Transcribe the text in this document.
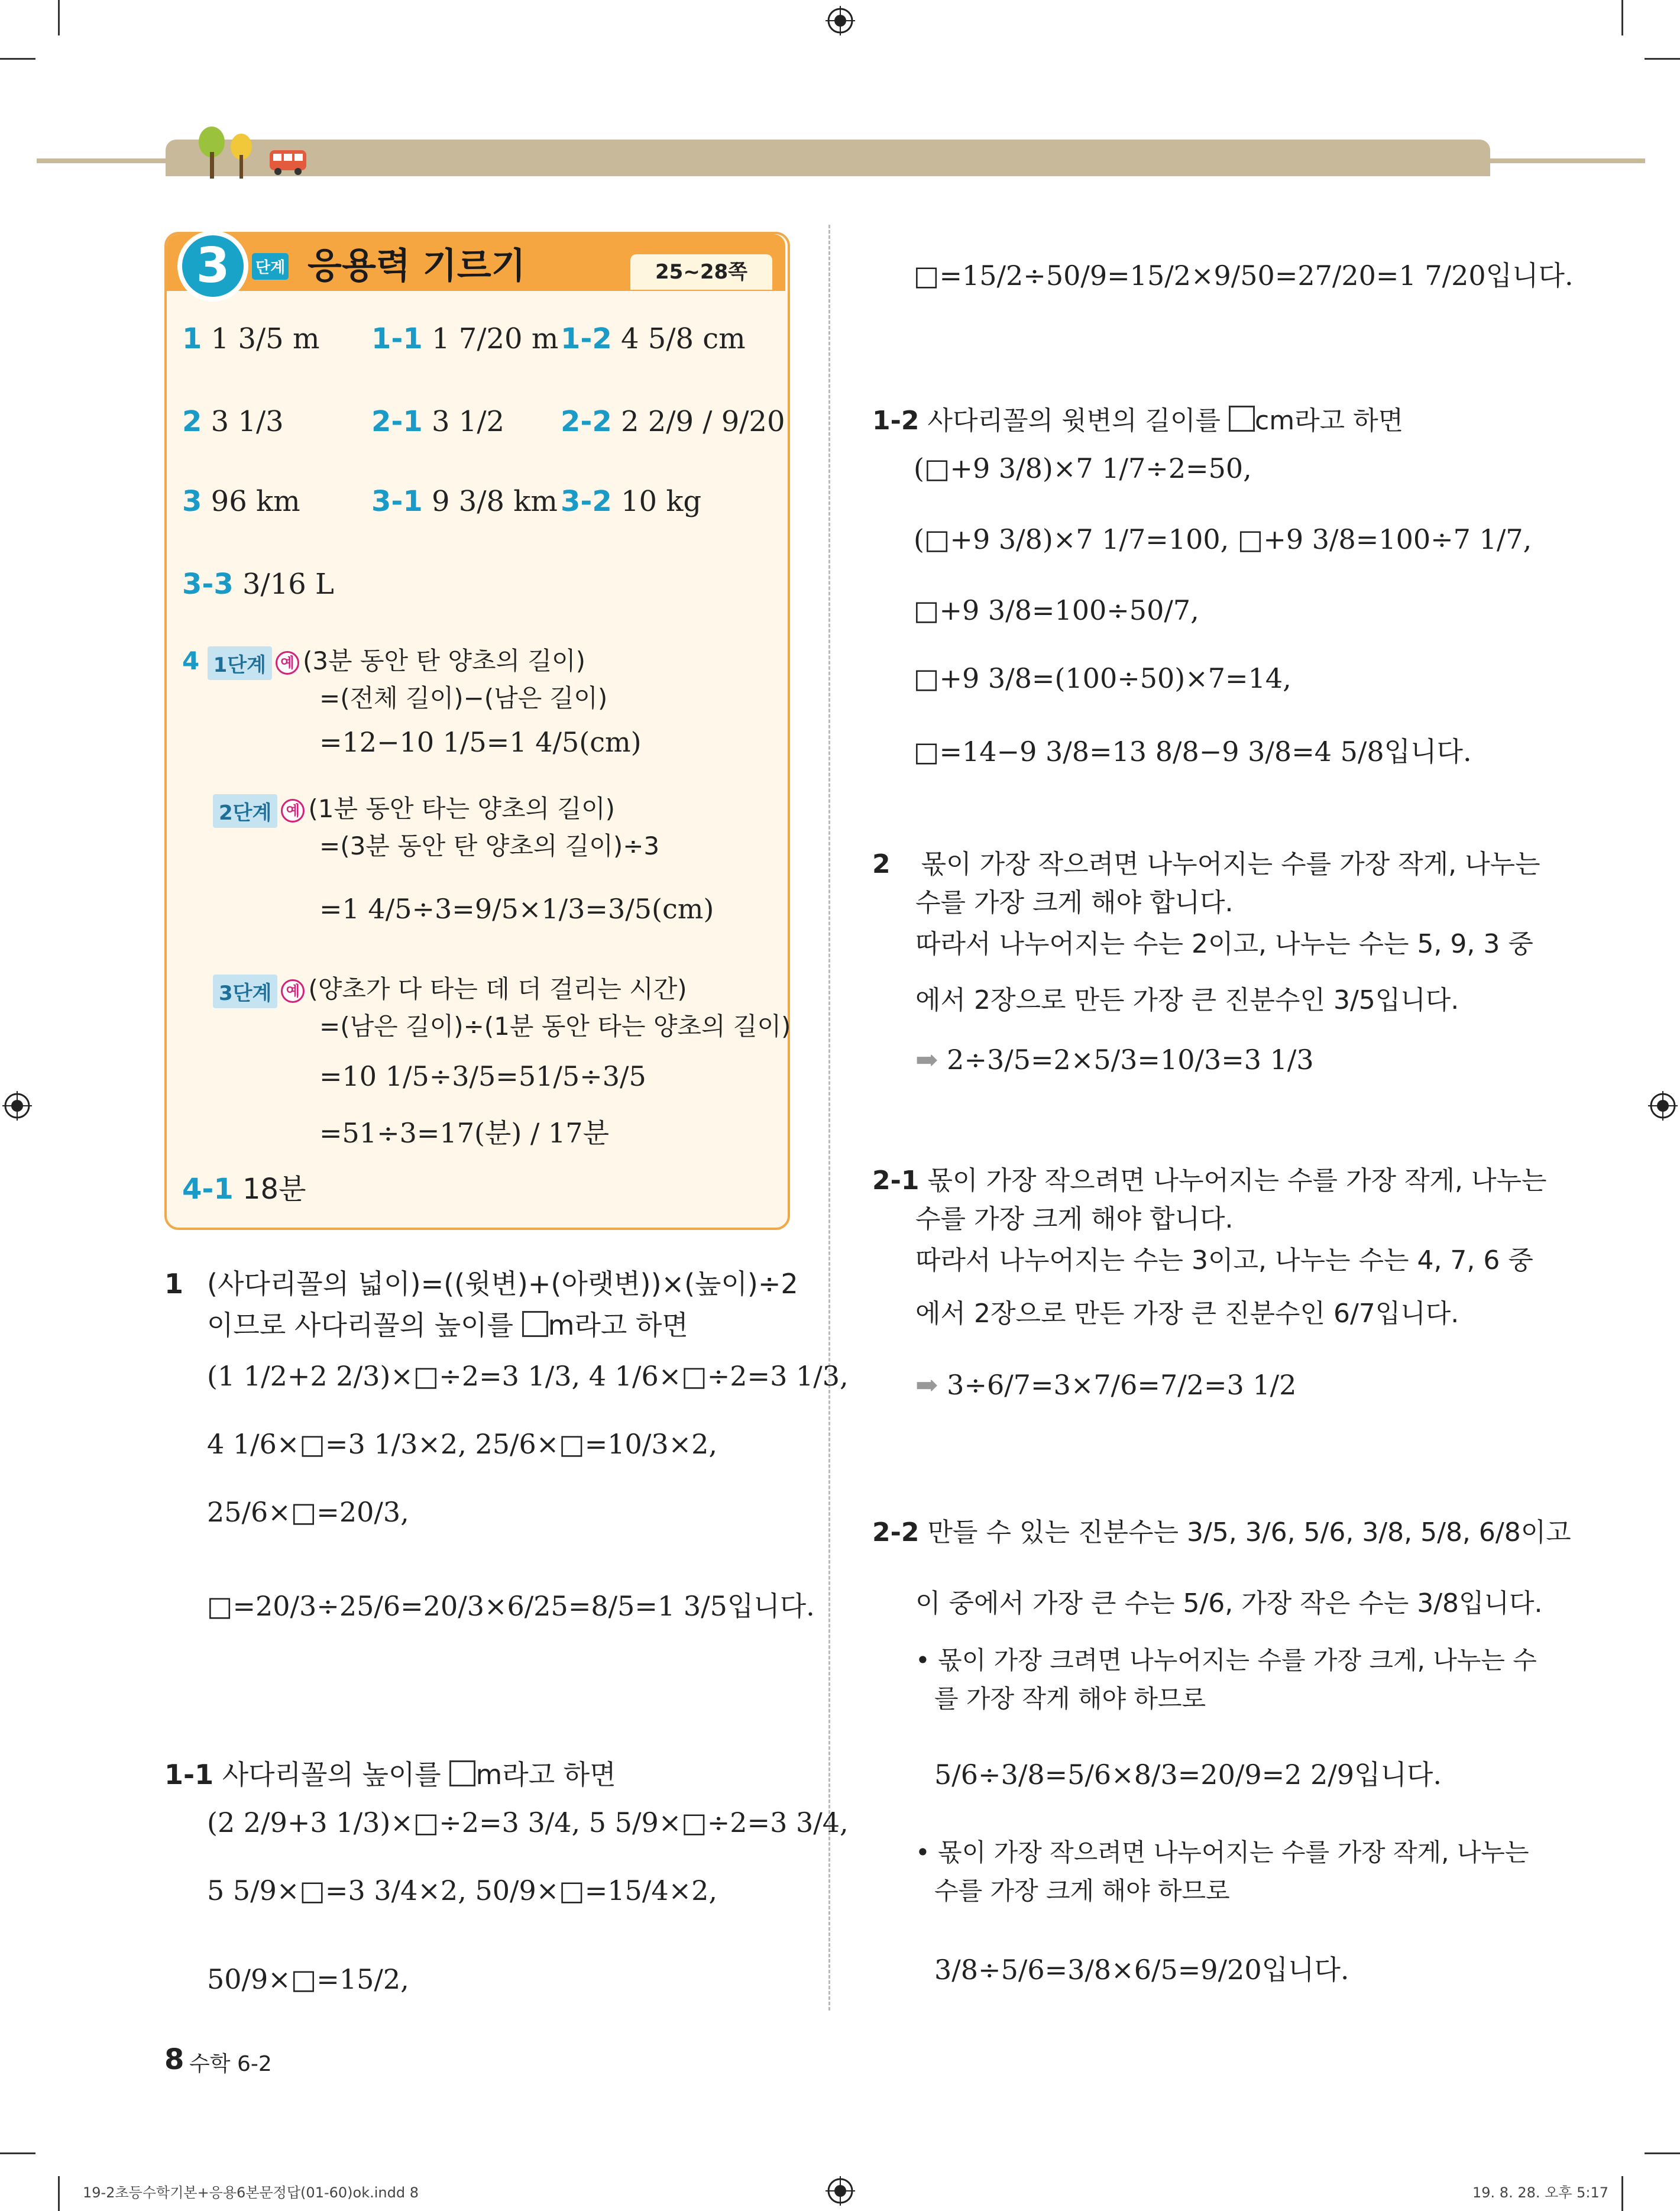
3	단계 응용력 기르기	25~28쪽
1 1 3/5 m 1-1 1 7/20 m 1-2 4 5/8 cm
2 3 1/3	2-1 3 1/2 2-2 2 2/9 / 9/20
3 96 km	3-1 9 3/8 km 3-2 10 kg
3-3 3/16 L
4 1단계 예 (3분 동안 탄 양초의 길이)
=(전체 길이)−(남은 길이)
=12−10 1/5=1 4/5(cm)
2단계 예 (1분 동안 타는 양초의 길이)
=(3분 동안 탄 양초의 길이)÷3
=1 4/5÷3=9/5×1/3=3/5(cm)
3단계 예 (양초가 다 타는 데 더 걸리는 시간)
=(남은 길이)÷(1분 동안 타는 양초의 길이)
=10 1/5÷3/5=51/5÷3/5
=51÷3=17(분) / 17분
4-1 18분
1 (사다리꼴의 넓이)=((윗변)+(아랫변))×(높이)÷2
이므로 사다리꼴의 높이를 m라고 하면
(1 1/2+2 2/3)×□÷2=3 1/3, 4 1/6×□÷2=3 1/3,
4 1/6×□=3 1/3×2, 25/6×□=10/3×2,
25/6×□=20/3,
□=20/3÷25/6=20/3×6/25=8/5=1 3/5입니다.
1-1 사다리꼴의 높이를 m라고 하면
(2 2/9+3 1/3)×□÷2=3 3/4, 5 5/9×□÷2=3 3/4,
5 5/9×□=3 3/4×2, 50/9×□=15/4×2,
50/9×□=15/2,
□=15/2÷50/9=15/2×9/50=27/20=1 7/20입니다.
1-2 사다리꼴의 윗변의 길이를 cm라고 하면
(□+9 3/8)×7 1/7÷2=50,
(□+9 3/8)×7 1/7=100, □+9 3/8=100÷7 1/7,
□+9 3/8=100÷50/7,
□+9 3/8=(100÷50)×7=14,
□=14−9 3/8=13 8/8−9 3/8=4 5/8입니다.
2 몫이 가장 작으려면 나누어지는 수를 가장 작게, 나누는
수를 가장 크게 해야 합니다.
따라서 나누어지는 수는 2이고, 나누는 수는 5, 9, 3 중
에서 2장으로 만든 가장 큰 진분수인 3/5입니다.
➡ 2÷3/5=2×5/3=10/3=3 1/3
2-1 몫이 가장 작으려면 나누어지는 수를 가장 작게, 나누는
수를 가장 크게 해야 합니다.
따라서 나누어지는 수는 3이고, 나누는 수는 4, 7, 6 중
에서 2장으로 만든 가장 큰 진분수인 6/7입니다.
➡ 3÷6/7=3×7/6=7/2=3 1/2
2-2 만들 수 있는 진분수는 3/5, 3/6, 5/6, 3/8, 5/8, 6/8이고
이 중에서 가장 큰 수는 5/6, 가장 작은 수는 3/8입니다.
• 몫이 가장 크려면 나누어지는 수를 가장 크게, 나누는 수
를 가장 작게 해야 하므로
5/6÷3/8=5/6×8/3=20/9=2 2/9입니다.
• 몫이 가장 작으려면 나누어지는 수를 가장 작게, 나누는
수를 가장 크게 해야 하므로
3/8÷5/6=3/8×6/5=9/20입니다.
8 수학 6-2
19-2초등수학기본+응용6본문정답(01-60)ok.indd 8	19. 8. 28. 오후 5:17
